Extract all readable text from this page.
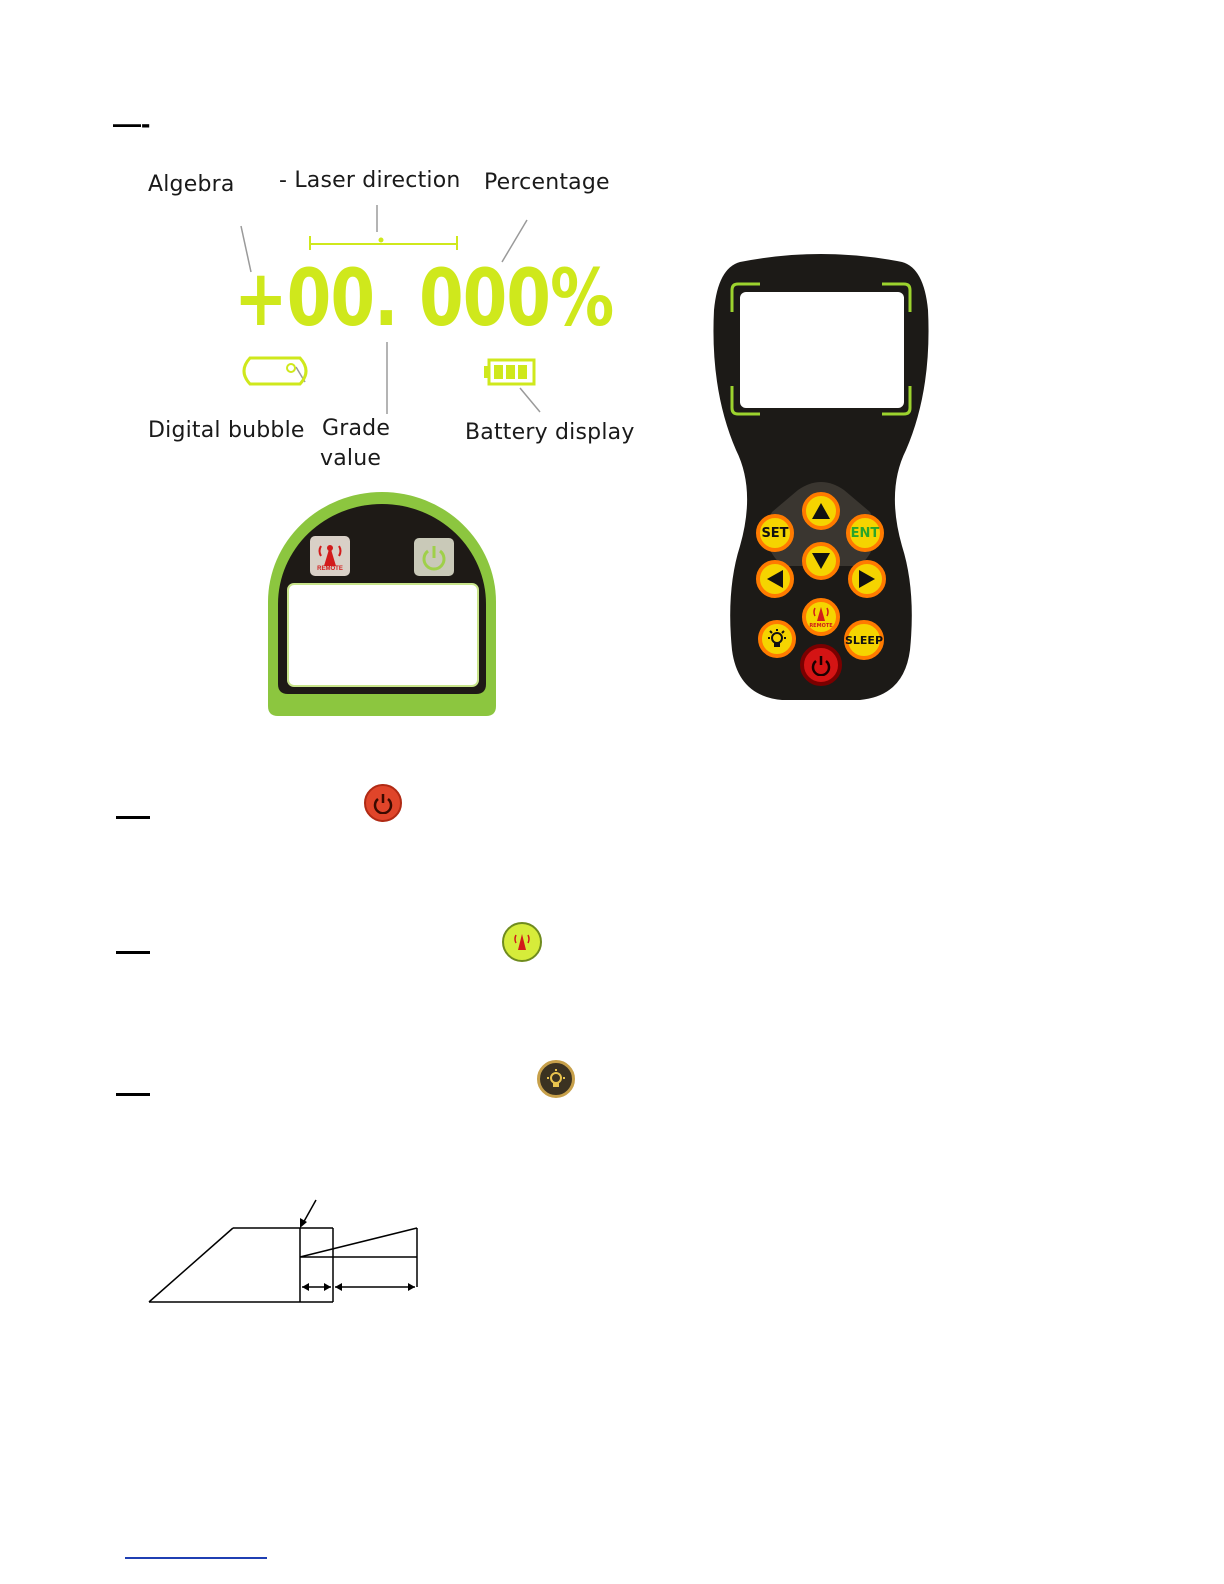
—-
Algebra - Laser direction Percentage
Digital bubble Grade
value
Battery display
+00. 000%
REMOTE
SET	ENT
REMOTE
SLEEP
